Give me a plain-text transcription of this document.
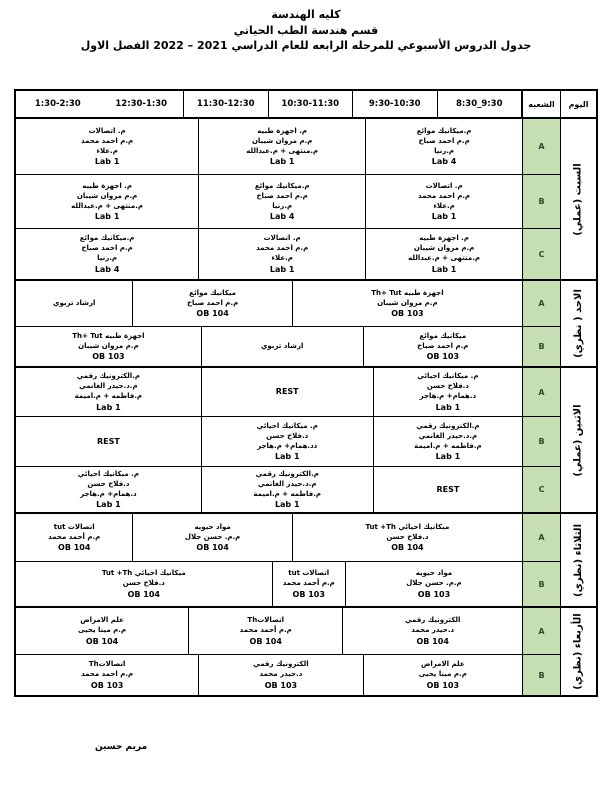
كليه الهندسة
قسم هندسة الطب الحياتي
جدول الدروس الأسبوعي للمرحله الرابعه للعام الدراسي 2021 – 2022 الفصل الاول
اليوم
الشعبه
8:30_9:30
9:30-10:30
10:30-11:30
11:30-12:30
12:30-1:30
1:30-2:30
السبت (عملي)
A
م.ميكانيك موائع
م.م احمد صباح
م.رنيا
Lab 4
م. اجهزة طبيه
م.م مروان شيبان
م.منتهى + م.عبدالله
Lab 1
م. اتصالات
م.م احمد محمد
م.علاء
Lab 1
B
م. اتصالات
م.م احمد محمد
م.علاء
Lab 1
م.ميكانيك موائع
م.م احمد صباح
م.رنيا
Lab 4
م. اجهزة طبيه
م.م مروان شيبان
م.منتهى + م.عبدالله
Lab 1
C
م. اجهزة طبيه
م.م مروان شيبان
م.منتهى + م.عبدالله
Lab 1
م. اتصالات
م.م احمد محمد
م.علاء
Lab 1
م.ميكانيك موائع
م.م احمد صباح
م.رنيا
Lab 4
الاحد ( نظري)
A
اجهزة طبيه Th+ Tut
م.م مروان شيبان
OB 103
ميكانيك موائع
م.م احمد صباح
OB 104
ارشاد تربوي
B
ميكانيك موائع
م.م احمد صباح
OB 103
ارشاد تربوي
اجهزة طبيه Th+ Tut
م.م مروان شيبان
OB 103
الاثنين (عملي)
A
م. ميكانيك احيائي
د.فلاح حسن
د.همام+ م.هاجر
Lab 1
REST
م.الكترونيك رقمي
م.د.حيدر الغانمي
م.فاطمه + م.اميمة
Lab 1
B
م.الكترونيك رقمي
م.د.حيدر الغانمي
م.فاطمه + م.اميمة
Lab 1
م. ميكانيك احيائي
د.فلاح حسن
دد.همام+ م.هاجر
Lab 1
REST
C
REST
م.الكترونيك رقمي
م.د.حيدر الغانمي
م.فاطمه + م.اميمة
Lab 1
م. ميكانيك احيائي
د.فلاح حسن
د.همام+ م.هاجر
Lab 1
الثلاثاء (نظري)
A
ميكانيك احيائي Tut +Th
د.فلاح حسن
OB 104
مواد حيويه
م.م. حسن جلال
OB 104
اتصالات tut
م.م أحمد محمد
OB 104
B
مواد حيويه
م.م. حسن جلال
OB 103
اتصالات tut
م.م أحمد محمد
OB 103
ميكانيك احيائي Tut +Th
د.فلاح حسن
OB 104
الأربعاء (نظري)
A
الكترونيك رقمي
د.حيدر محمد
OB 104
اتصالاتTh
م.م أحمد محمد
OB 104
علم الامراض
م.م مينا يحيى
OB 104
B
علم الامراض
م.م مينا يحيى
OB 103
الكترونيك رقمي
د.حيدر محمد
OB 103
اتصالاتTh
م.م احمد محمد
OB 103
مريم حسين
